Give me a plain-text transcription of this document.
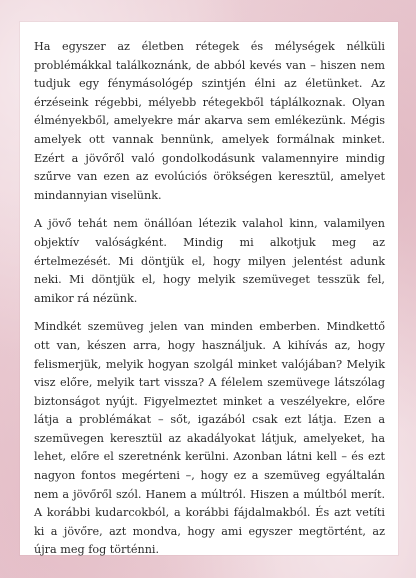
Ha egyszer az életben rétegek és mélységek nélküli problémákkal találkoznánk, de abból kevés van – hiszen nem tudjuk egy fénymásológép szintjén élni az életünket. Az érzéseink régebbi, mélyebb rétegekből táplálkoznak. Olyan élményekből, amelyekre már akarva sem emlékezünk. Mégis amelyek ott vannak bennünk, amelyek formálnak minket. Ezért a jövőről való gondolkodásunk valamennyire mindig szűrve van ezen az evolúciós örökségen keresztül, amelyet mindannyian viselünk.

A jövő tehát nem önállóan létezik valahol kinn, valamilyen objektív valóságként. Mindig mi alkotjuk meg az értelmezését. Mi döntjük el, hogy milyen jelentést adunk neki. Mi döntjük el, hogy melyik szemüveget tesszük fel, amikor rá nézünk.

Mindkét szemüveg jelen van minden emberben. Mindkettő ott van, készen arra, hogy használjuk. A kihívás az, hogy felismerjük, melyik hogyan szolgál minket valójában? Melyik visz előre, melyik tart vissza? A félelem szemüvege látszólag biztonságot nyújt. Figyelmeztet minket a veszélyekre, előre látja a problémákat – sőt, igazából csak ezt látja. Ezen a szemüvegen keresztül az akadályokat látjuk, amelyeket, ha lehet, előre el szeretnénk kerülni. Azonban látni kell – és ezt nagyon fontos megérteni –, hogy ez a szemüveg egyáltalán nem a jövőről szól. Hanem a múltról. Hiszen a múltból merít. A korábbi kudarcokból, a korábbi fájdalmakból. És azt vetíti ki a jövőre, azt mondva, hogy ami egyszer megtörtént, az újra meg fog történni.
